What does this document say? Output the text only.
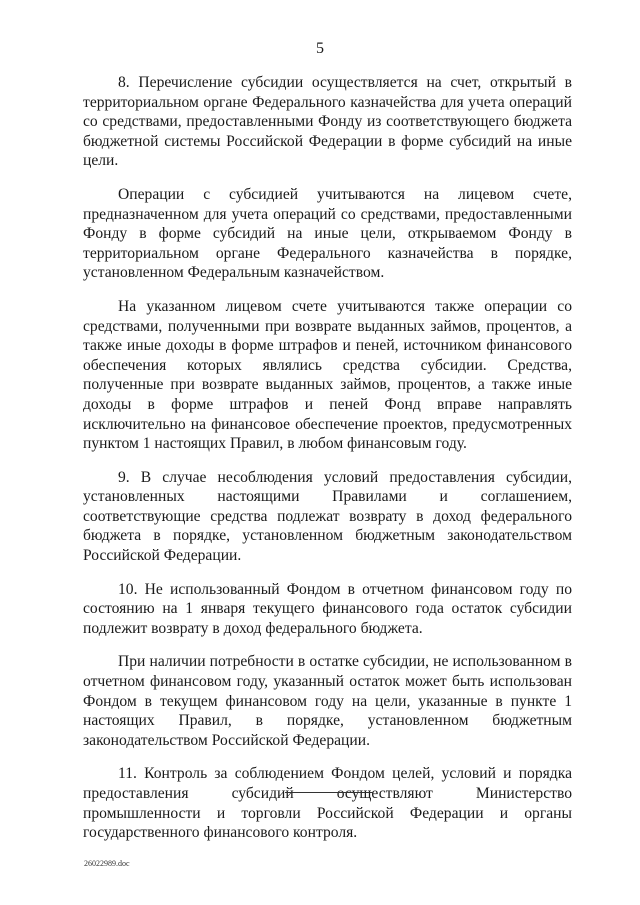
5

8. Перечисление субсидии осуществляется на счет, открытый в территориальном органе Федерального казначейства для учета операций со средствами, предоставленными Фонду из соответствующего бюджета бюджетной системы Российской Федерации в форме субсидий на иные цели.

Операции с субсидией учитываются на лицевом счете, предназначенном для учета операций со средствами, предоставленными Фонду в форме субсидий на иные цели, открываемом Фонду в территориальном органе Федерального казначейства в порядке, установленном Федеральным казначейством.

На указанном лицевом счете учитываются также операции со средствами, полученными при возврате выданных займов, процентов, а также иные доходы в форме штрафов и пеней, источником финансового обеспечения которых являлись средства субсидии. Средства, полученные при возврате выданных займов, процентов, а также иные доходы в форме штрафов и пеней Фонд вправе направлять исключительно на финансовое обеспечение проектов, предусмотренных пунктом 1 настоящих Правил, в любом финансовым году.

9. В случае несоблюдения условий предоставления субсидии, установленных настоящими Правилами и соглашением, соответствующие средства подлежат возврату в доход федерального бюджета в порядке, установленном бюджетным законодательством Российской Федерации.

10. Не использованный Фондом в отчетном финансовом году по состоянию на 1 января текущего финансового года остаток субсидии подлежит возврату в доход федерального бюджета.

При наличии потребности в остатке субсидии, не использованном в отчетном финансовом году, указанный остаток может быть использован Фондом в текущем финансовом году на цели, указанные в пункте 1 настоящих Правил, в порядке, установленном бюджетным законодательством Российской Федерации.

11. Контроль за соблюдением Фондом целей, условий и порядка предоставления субсидий осуществляют Министерство промышленности и торговли Российской Федерации и органы государственного финансового контроля.

26022989.doc
